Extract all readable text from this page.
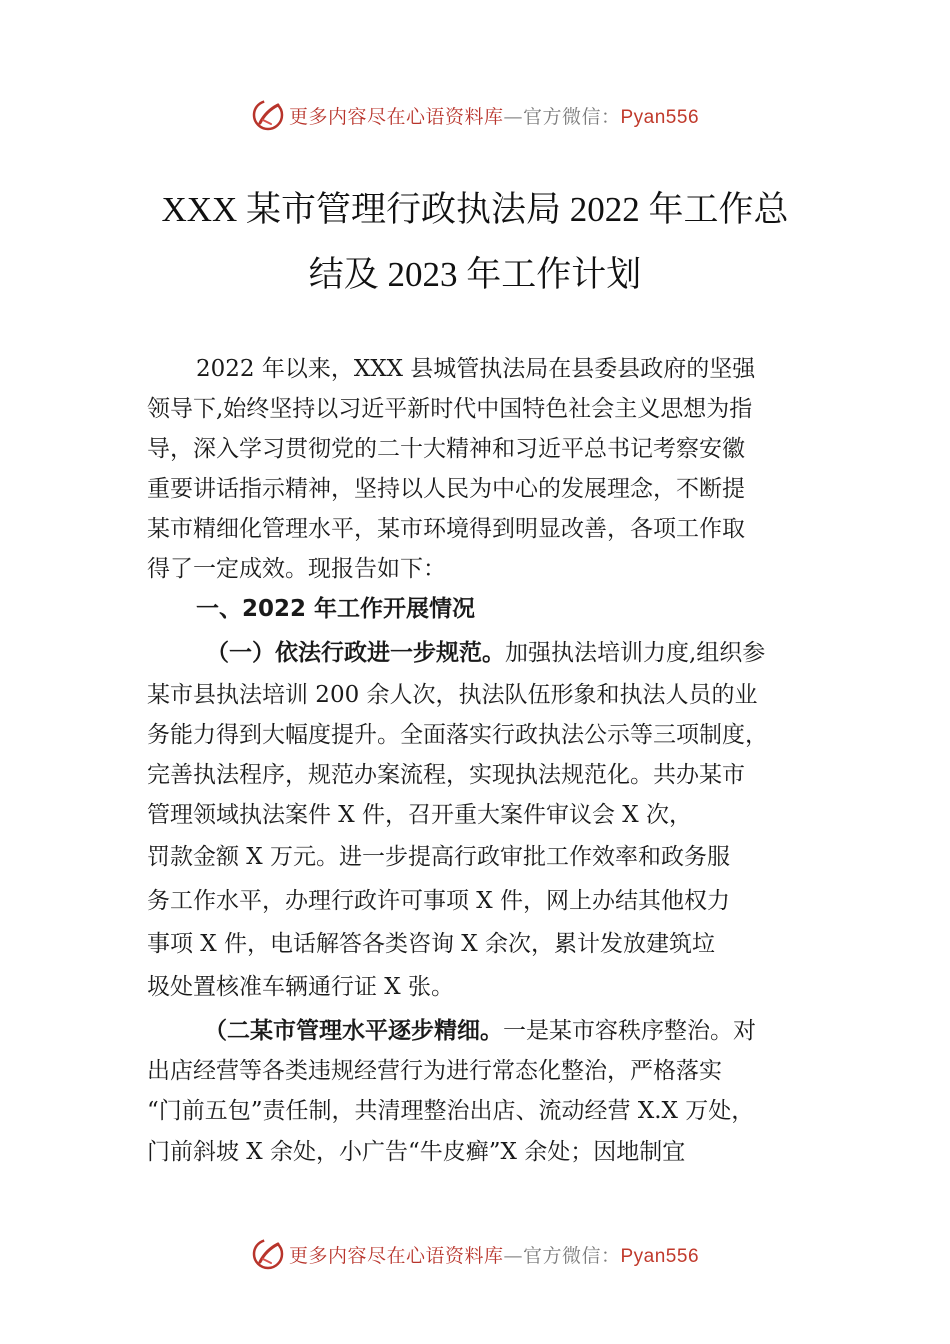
更多内容尽在心语资料库—官方微信：Pyan556
XXX 某市管理行政执法局 2022 年工作总
结及 2023 年工作计划
2022 年以来，XXX 县城管执法局在县委县政府的坚强
领导下,始终坚持以习近平新时代中国特色社会主义思想为指
导，深入学习贯彻党的二十大精神和习近平总书记考察安徽
重要讲话指示精神，坚持以人民为中心的发展理念，不断提
某市精细化管理水平，某市环境得到明显改善，各项工作取
得了一定成效。现报告如下：
一、2022 年工作开展情况
（一）依法行政进一步规范。加强执法培训力度,组织参
某市县执法培训 200 余人次，执法队伍形象和执法人员的业
务能力得到大幅度提升。全面落实行政执法公示等三项制度，
完善执法程序，规范办案流程，实现执法规范化。共办某市
管理领域执法案件 X 件，召开重大案件审议会 X 次，
罚款金额 X 万元。进一步提高行政审批工作效率和政务服
务工作水平，办理行政许可事项 X 件，网上办结其他权力
事项 X 件，电话解答各类咨询 X 余次，累计发放建筑垃
圾处置核准车辆通行证 X 张。
（二某市管理水平逐步精细。一是某市容秩序整治。对
出店经营等各类违规经营行为进行常态化整治，严格落实
“门前五包”责任制，共清理整治出店、流动经营 X.X 万处，
门前斜坡 X 余处，小广告“牛皮癣”X 余处；因地制宜
更多内容尽在心语资料库—官方微信：Pyan556
